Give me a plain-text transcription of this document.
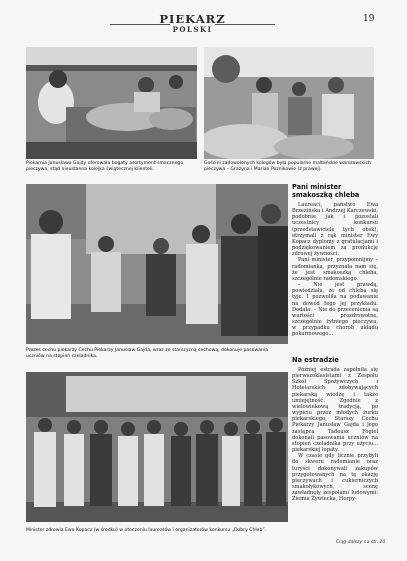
PIEKARZ
POLSKI
19
Piekarnia Janusława Gajdy oferowała bogaty asortyment smacznego pieczywa, stąd nieustanna kolejka świątecznej klienteli.
Gościni zadowolonych kolegów była popularne maltańskie warszawskich pieczywa – Grażyna i Marian Poznikowie (z prawej).
Prezes cechu piekarzy Cechu Piekarzy Janusław Gajda, wraz ze starszyzną cechową, dokonuje pasowania uczniów na stopień czeladnika.
Minister zdrowia Ewa Kopacz (w środku) w otoczeniu laureatów i organizatorów konkursu „Dobry Chleb”.
Pani minister smakoszką chleba

Laureaci, państwo Ewa Brzezińska i Andrzej Karczewski, podobnie jak i pozostali uczestnicy konkursu (przedstawiciele tych obsk), otrzymali z rąk minister Ewy Kopacz dyplomy z gratulacjami i podziękowaniem za produkcję zdrowej żywności.

Pani minister, przypomnijmy – radomianka, przyznała nam się, że jest smakoszką chleba, szczególnie radomskiego.

– Nie jest prawdą, powiedziała, że od chleba się tyje. I pozwoliła na podawanie na dowód tego jej przykładu. Dodała: – Nie do przecenienia są wartości prozdrowotne, szczególnie żytniego pieczywa, w przypadku chorób układu pokarmowego...

Na estradzie

Później estrada zapełniła się pierwszoklasistami z Zespołu Szkół Spożywczych i Hotelarskich zdobywających piekarską wiedzę i także umiejętność. Zgodnie z wielowiekową tradycją, po wypiciu przez młodych żurku piekarskiego, Starszy Cechu Piekarzy Janusław Gajda i jego zastępca Tadeusz Fogiel dokonali pasowania uczniów na stopień czeladnika przy użyciu... piekarskiej łopaty.

W czasie gdy licznie przybyli do skweru radomianie oraz turyści dokonywali zakupów przygotowanych na tę okazję pieczywach i cukierniczych smakołykowych, scenę zawładnęły zespołami ludowymi: Ziemia Żywiecka, Horpy-

Ciąg dalszy na str. 20
